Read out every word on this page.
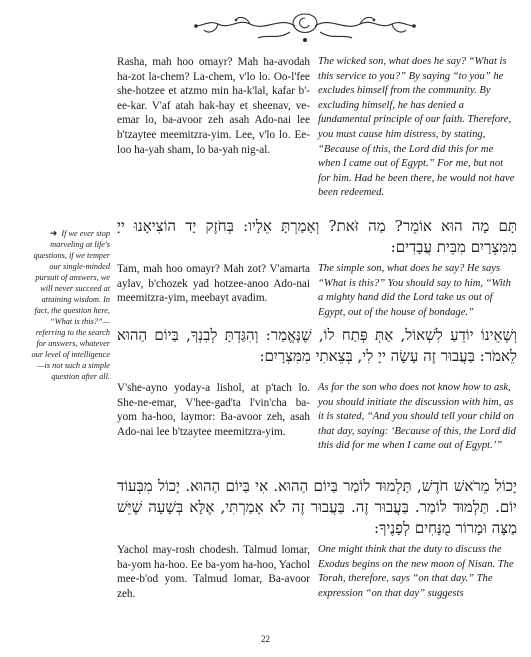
Rasha, mah hoo omayr? Mah ha-avodah ha-zot la-chem? La-chem, v'lo lo. Oo-l'fee she-hotzee et atzmo min ha-k'lal, kafar b'-ee-kar. V'af atah hak-hay et sheenav, ve-emar lo, ba-avoor zeh asah Ado-nai lee b'tzaytee meemitzra-yim. Lee, v'lo lo. Ee-loo ha-yah sham, lo ba-yah nig-al.
The wicked son, what does he say? “What is this service to you?” By saying “to you” he excludes himself from the community. By excluding himself, he has denied a fundamental principle of our faith. Therefore, you must cause him distress, by stating, “Because of this, the Lord did this for me when I came out of Egypt.” For me, but not for him. Had he been there, he would not have been redeemed.
תָּם מָה הוּא אוֹמֵר? מַה זֹּאת? וְאָמַרְתָּ אֵלָיו: בְּחֹזֶק יָד הוֹצִיאָנוּ ייָ מִמִּצְרַיִם מִבֵּית עֲבָדִים:
Tam, mah hoo omayr? Mah zot? V'amarta aylav, b'chozek yad hotzee-anoo Ado-nai meemitzra-yim, meebayt avadim.
The simple son, what does he say? He says “What is this?” You should say to him, “With a mighty hand did the Lord take us out of Egypt, out of the house of bondage.”
וְשֶׁאֵינוֹ יוֹדֵעַ לִשְׁאוֹל, אַתְּ פְּתַח לוֹ, שֶׁנֶּאֱמַר: וְהִגַּדְתָּ לְבִנְךָ, בַּיוֹם הַהוּא לֵאמֹר: בַּעֲבוּר זֶה עָשָׂה ייָ לִי, בְּצֵאתִי מִמִּצְרָיִם:
V'she-ayno yoday-a lishol, at p'tach lo. She-ne-emar, V'hee-gad'ta l'vin'cha ba-yom ha-hoo, laymor: Ba-avoor zeh, asah Ado-nai lee b'tzaytee meemitzra-yim.
As for the son who does not know how to ask, you should initiate the discussion with him, as it is stated, “And you should tell your child on that day, saying: ‘Because of this, the Lord did this did for me when I came out of Egypt.’”
יָכוֹל מֵרֹאשׁ חֹדֶשׁ, תַּלְמוּד לוֹמַר בַּיוֹם הַהוּא. אִי בַּיוֹם הַהוּא. יָכוֹל מִבְּעוֹד יוֹם. תַּלְמוּד לוֹמַר. בַּעֲבוּר זֶה. בַּעֲבוּר זֶה לֹא אָמַרְתִּי, אֶלָּא בְּשָׁעָה שֶׁיֵּשׁ מַצָּה וּמָרוֹר מֻנָּחִים לְפָנֶיךָ:
Yachol may-rosh chodesh. Talmud lomar, ba-yom ha-hoo. Ee ba-yom ha-hoo, Yachol mee-b'od yom. Talmud lomar, Ba-avoor zeh.
One might think that the duty to discuss the Exodus begins on the new moon of Nisan. The Torah, therefore, says “on that day.” The expression “on that day” suggests
➜ If we ever stop marveling at life's questions, if we temper our single-minded pursuit of answers, we will never succeed at attaining wisdom. In fact, the question here, “What is this?”—referring to the search for answers, whatever our level of intelligence—is not such a simple question after all.
22
